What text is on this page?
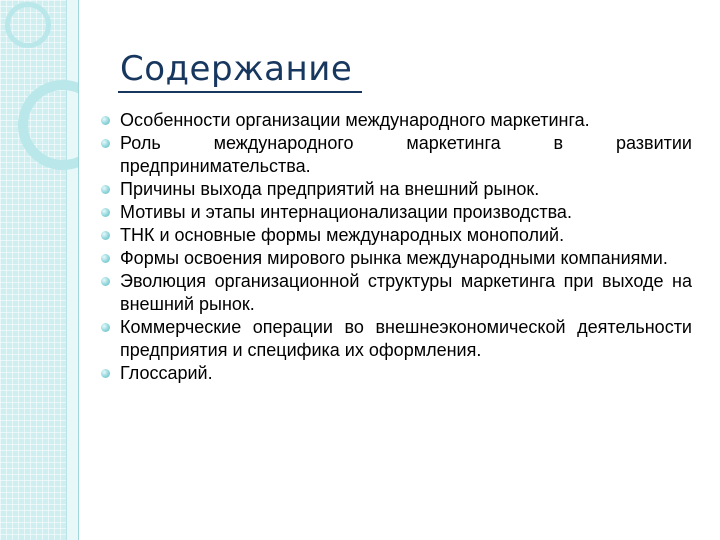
Содержание
Особенности организации международного маркетинга.
Роль международного маркетинга в развитии предпринимательства.
Причины выхода предприятий на внешний рынок.
Мотивы и этапы интернационализации производства.
ТНК и основные формы международных монополий.
Формы освоения мирового рынка международными компаниями.
Эволюция организационной структуры маркетинга при выходе на внешний рынок.
Коммерческие операции во внешнеэкономической деятельности предприятия и специфика их оформления.
Глоссарий.
